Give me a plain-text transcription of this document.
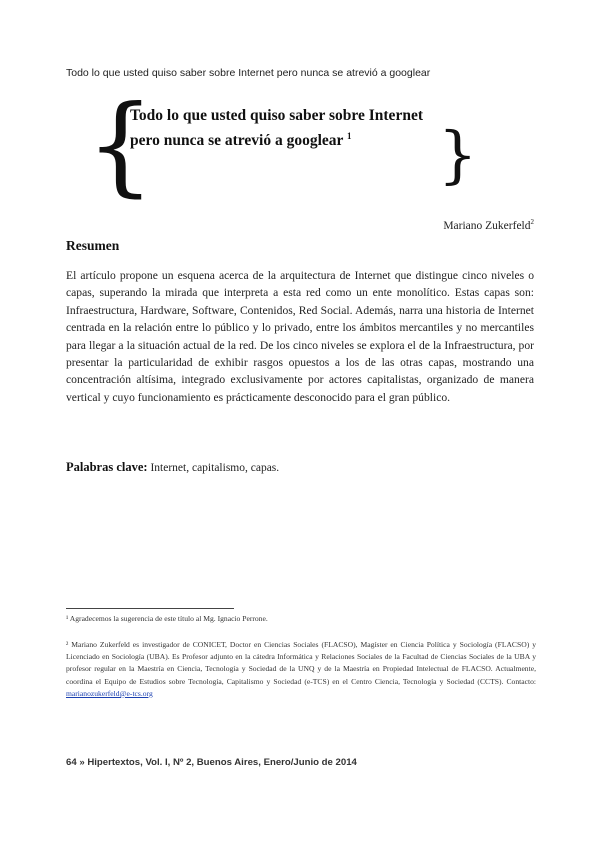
Todo lo que usted quiso saber sobre Internet pero nunca se atrevió a googlear
{
Todo lo que usted quiso saber sobre Internet
pero nunca se atrevió a googlear $^1$	}
Mariano Zukerfeld$^2$
Resumen
El artículo propone un esquena acerca de la arquitectura de Internet que distingue cinco niveles o capas, superando la mirada que interpreta a esta red como un ente monolítico. Estas capas son: Infraestructura, Hardware, Software, Contenidos, Red Social. Además, narra una historia de Internet centrada en la relación entre lo público y lo privado, entre los ámbitos mercantiles y no mercantiles para llegar a la situación actual de la red. De los cinco niveles se explora el de la Infraestructura, por presentar la particularidad de exhibir rasgos opuestos a los de las otras capas, mostrando una concentración altísima, integrado exclusivamente por actores capitalistas, organizado de manera vertical y cuyo funcionamiento es prácticamente desconocido para el gran público.
Palabras clave: Internet, capitalismo, capas.
¹ Agradecemos la sugerencia de este título al Mg. Ignacio Perrone.
² Mariano Zukerfeld es investigador de CONICET, Doctor en Ciencias Sociales (FLACSO), Magíster en Ciencia Política y Sociología (FLACSO) y Licenciado en Sociología (UBA). Es Profesor adjunto en la cátedra Informática y Relaciones Sociales de la Facultad de Ciencias Sociales de la UBA y profesor regular en la Maestría en Ciencia, Tecnología y Sociedad de la UNQ y de la Maestría en Propiedad Intelectual de FLACSO. Actualmente, coordina el Equipo de Estudios sobre Tecnología, Capitalismo y Sociedad (e-TCS) en el Centro Ciencia, Tecnología y Sociedad (CCTS). Contacto: marianozukerfeld@e-tcs.org
64 » Hipertextos, Vol. I, Nº 2, Buenos Aires, Enero/Junio de 2014
